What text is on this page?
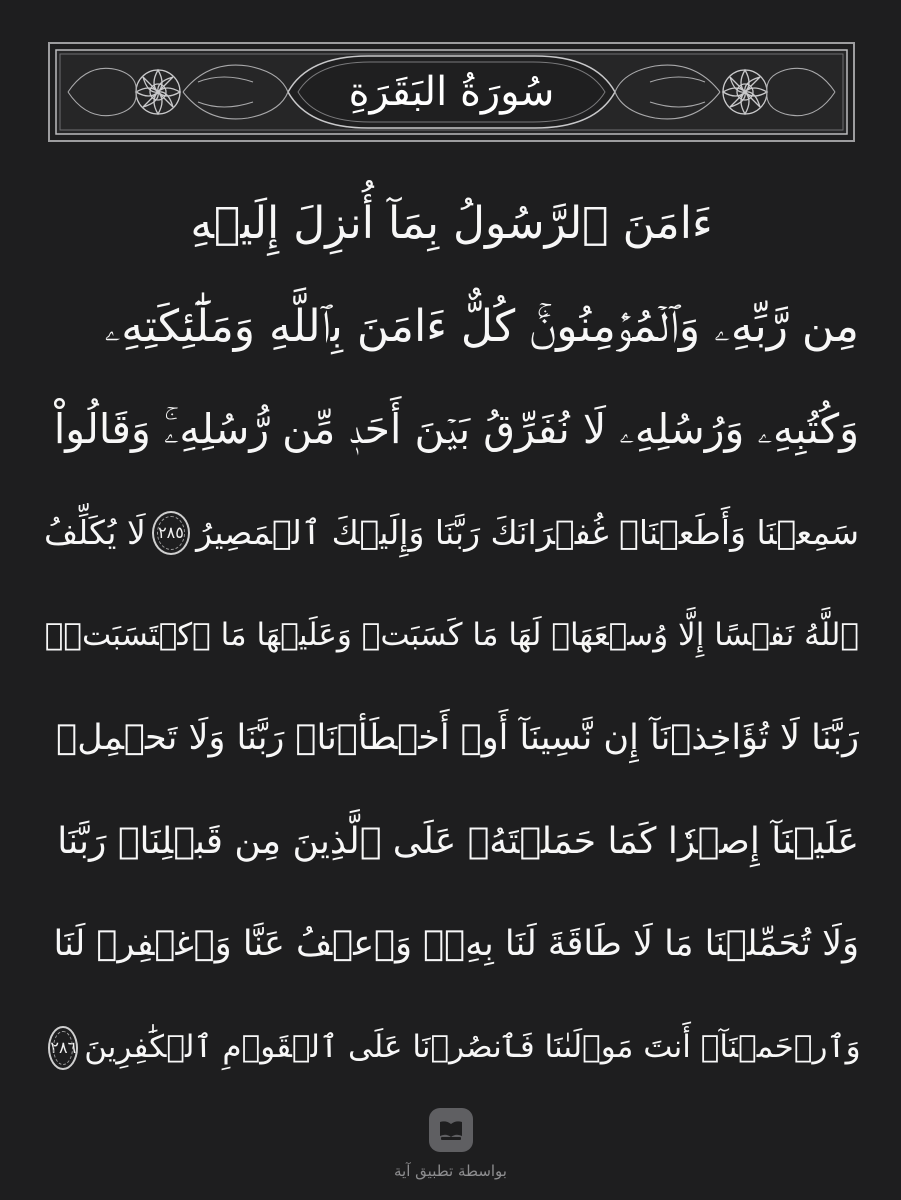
سُورَةُ البَقَرَةِ
ءَامَنَ ٱلرَّسُولُ بِمَآ أُنزِلَ إِلَيۡهِ
مِن رَّبِّهِۦ وَٱلۡمُؤۡمِنُونَۚ كُلٌّ ءَامَنَ بِٱللَّهِ وَمَلَٰٓئِكَتِهِۦ
وَكُتُبِهِۦ وَرُسُلِهِۦ لَا نُفَرِّقُ بَيۡنَ أَحَدٖ مِّن رُّسُلِهِۦۚ وَقَالُواْ
سَمِعۡنَا وَأَطَعۡنَاۖ غُفۡرَانَكَ رَبَّنَا وَإِلَيۡكَ ٱلۡمَصِيرُ
٢٨٥
لَا يُكَلِّفُ
ٱللَّهُ نَفۡسًا إِلَّا وُسۡعَهَاۚ لَهَا مَا كَسَبَتۡ وَعَلَيۡهَا مَا ٱكۡتَسَبَتۡۗ
رَبَّنَا لَا تُؤَاخِذۡنَآ إِن نَّسِينَآ أَوۡ أَخۡطَأۡنَاۚ رَبَّنَا وَلَا تَحۡمِلۡ
عَلَيۡنَآ إِصۡرٗا كَمَا حَمَلۡتَهُۥ عَلَى ٱلَّذِينَ مِن قَبۡلِنَاۚ رَبَّنَا
وَلَا تُحَمِّلۡنَا مَا لَا طَاقَةَ لَنَا بِهِۦۖ وَٱعۡفُ عَنَّا وَٱغۡفِرۡ لَنَا
وَٱرۡحَمۡنَآۚ أَنتَ مَوۡلَىٰنَا فَٱنصُرۡنَا عَلَى ٱلۡقَوۡمِ ٱلۡكَٰفِرِينَ
٢٨٦
بواسطة تطبيق آية
